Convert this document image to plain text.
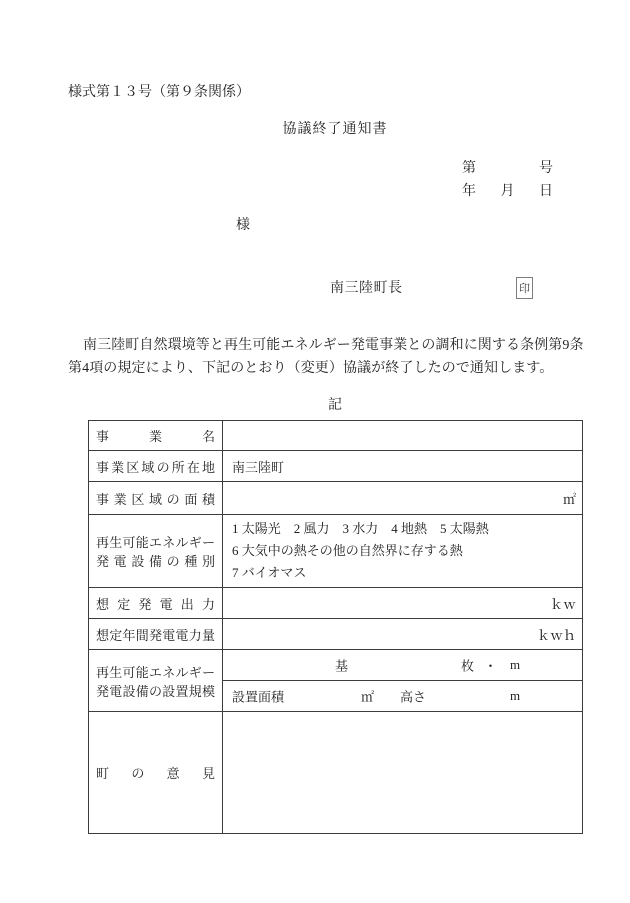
様式第１３号（第９条関係）
協議終了通知書
第	号
年 月 日
様
南三陸町長	印
南三陸町自然環境等と再生可能エネルギー発電事業との調和に関する条例第9条
第4項の規定により、下記のとおり（変更）協議が終了したので通知します。
記
事業名	

事業区域の所在地	南三陸町

事業区域の面積	㎡

再生可能エネルギー
発電設備の種別

1 太陽光　2 風力　3 水力　4 地熱　5 太陽熱
6 大気中の熱その他の自然界に存する熱
7 バイオマス

想定発電出力	ｋｗ

想定年間発電電力量	ｋｗｈ

再生可能エネルギー
発電設備の設置規模

基	枚 ・ m

	設置面積 ㎡ 高さ m

町の意見	
